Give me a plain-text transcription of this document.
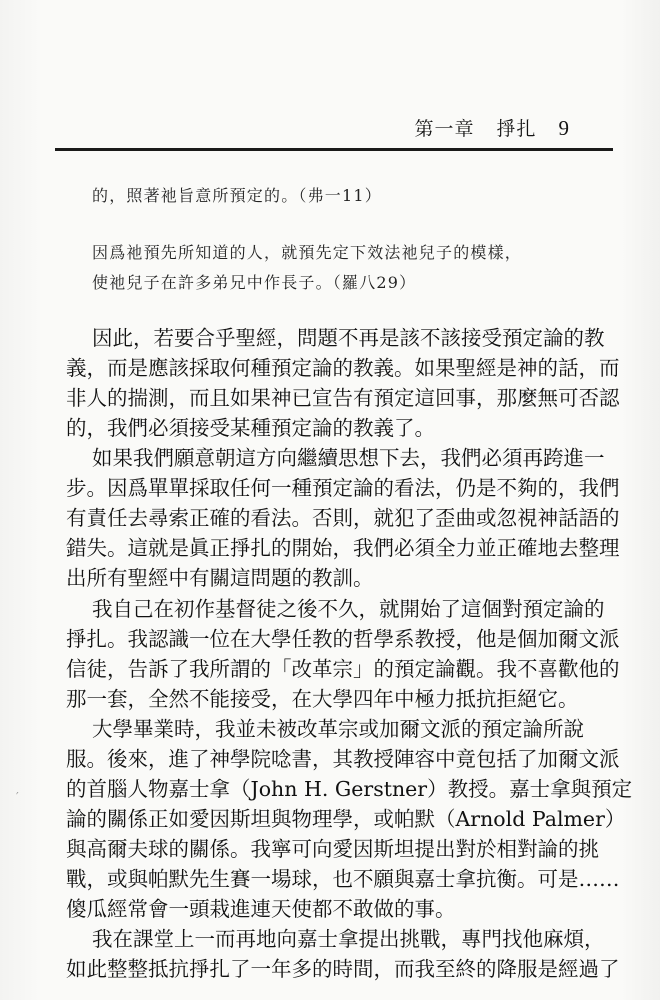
第一章 掙扎 9
的，照著祂旨意所預定的。（弗一11）
因爲祂預先所知道的人，就預先定下效法祂兒子的模樣，
使祂兒子在許多弟兄中作長子。（羅八29）
因此，若要合乎聖經，問題不再是該不該接受預定論的教
義，而是應該採取何種預定論的教義。如果聖經是神的話，而
非人的揣測，而且如果神已宣告有預定這回事，那麼無可否認
的，我們必須接受某種預定論的教義了。
如果我們願意朝這方向繼續思想下去，我們必須再跨進一
步。因爲單單採取任何一種預定論的看法，仍是不夠的，我們
有責任去尋索正確的看法。否則，就犯了歪曲或忽視神話語的
錯失。這就是眞正掙扎的開始，我們必須全力並正確地去整理
出所有聖經中有關這問題的教訓。
我自己在初作基督徒之後不久，就開始了這個對預定論的
掙扎。我認識一位在大學任教的哲學系教授，他是個加爾文派
信徒，告訴了我所謂的「改革宗」的預定論觀。我不喜歡他的
那一套，全然不能接受，在大學四年中極力抵抗拒絕它。
大學畢業時，我並未被改革宗或加爾文派的預定論所說
服。後來，進了神學院唸書，其教授陣容中竟包括了加爾文派
的首腦人物嘉士拿（John H. Gerstner）教授。嘉士拿與預定
論的關係正如愛因斯坦與物理學，或帕默（Arnold Palmer）
與高爾夫球的關係。我寧可向愛因斯坦提出對於相對論的挑
戰，或與帕默先生賽一場球，也不願與嘉士拿抗衡。可是……
傻瓜經常會一頭栽進連天使都不敢做的事。
我在課堂上一而再地向嘉士拿提出挑戰，專門找他麻煩，
如此整整抵抗掙扎了一年多的時間，而我至終的降服是經過了
′
